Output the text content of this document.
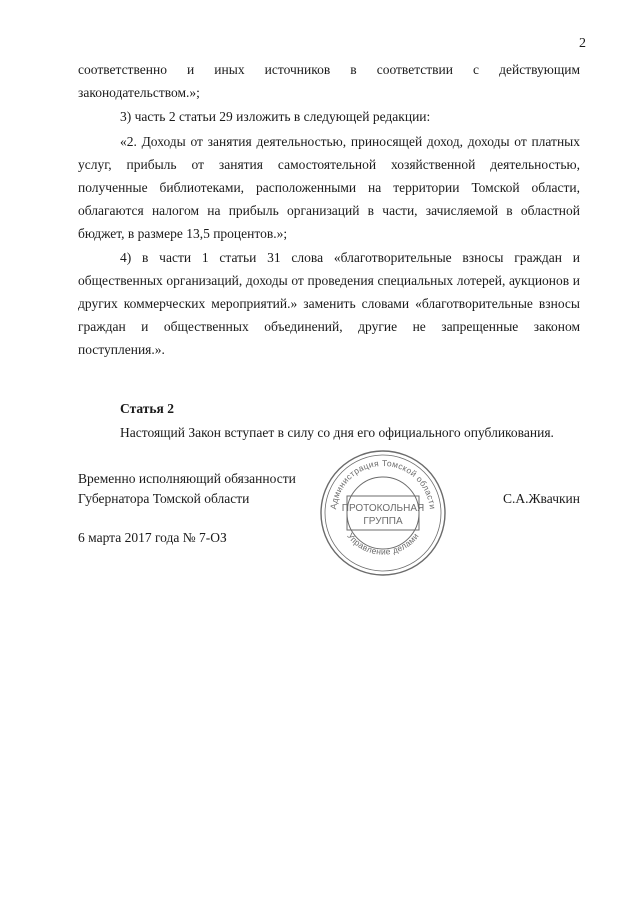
2

соответственно и иных источников в соответствии с действующим законодательством.»;

3) часть 2 статьи 29 изложить в следующей редакции:

«2. Доходы от занятия деятельностью, приносящей доход, доходы от платных услуг, прибыль от занятия самостоятельной хозяйственной деятельностью, полученные библиотеками, расположенными на территории Томской области, облагаются налогом на прибыль организаций в части, зачисляемой в областной бюджет, в размере 13,5 процентов.»;

4) в части 1 статьи 31 слова «благотворительные взносы граждан и общественных организаций, доходы от проведения специальных лотерей, аукционов и других коммерческих мероприятий.» заменить словами «благотворительные взносы граждан и общественных объединений, другие не запрещенные законом поступления.».

Статья 2
Настоящий Закон вступает в силу со дня его официального опубликования.
Временно исполняющий обязанности
Губернатора Томской области	С.А.Жвачкин
6 марта 2017 года № 7-ОЗ
Администрация Томской области
Управление делами
ПРОТОКОЛЬНАЯ
ГРУППА
